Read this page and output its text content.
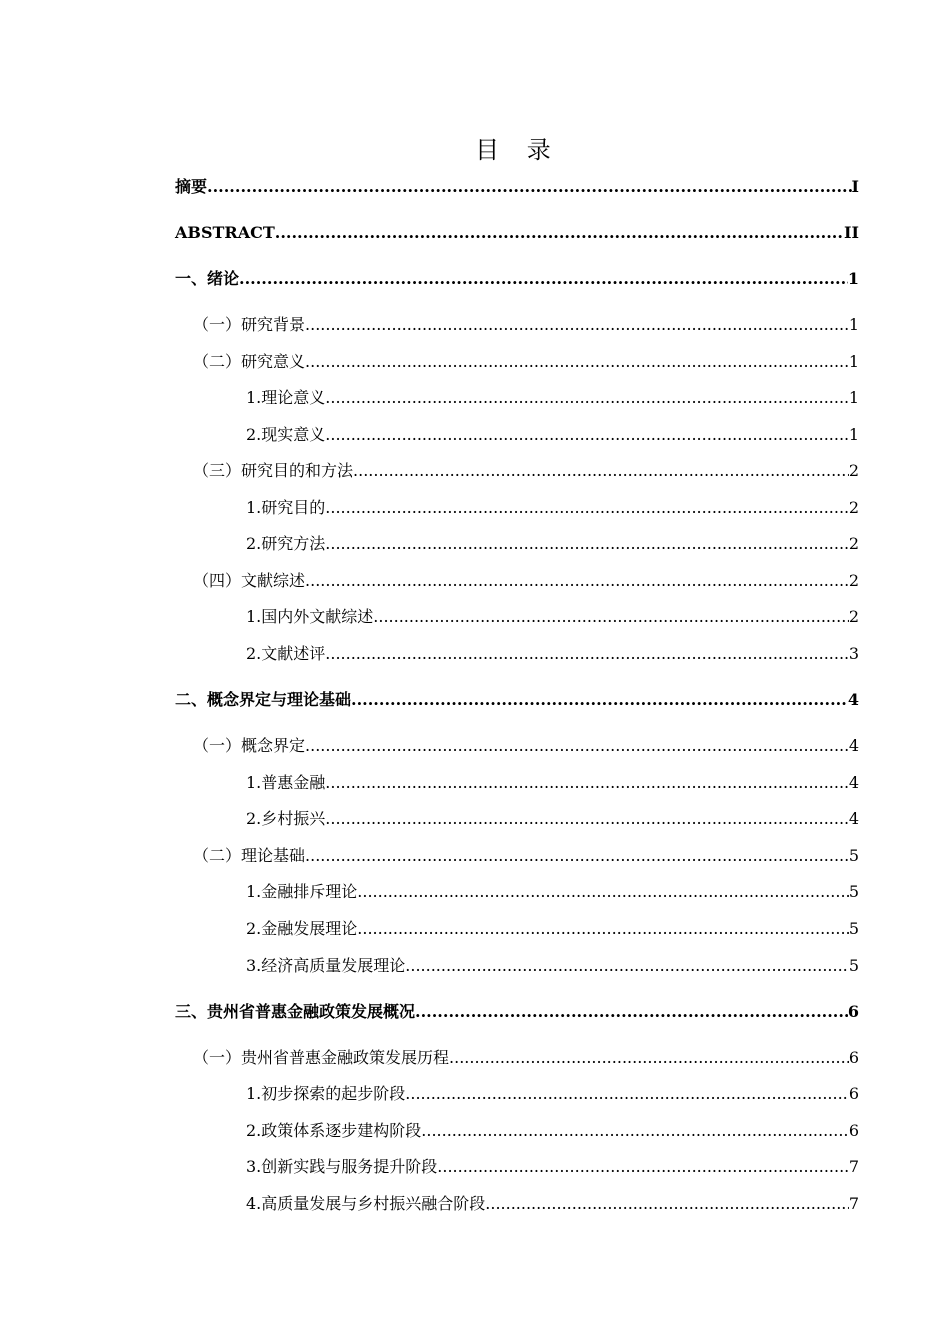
目 录
摘要 .....	I
ABSTRACT .....	II
一、绪论 .....	1
（一）研究背景 .....	1
（二）研究意义 .....	1
1.理论意义 .....	1
2.现实意义 .....	1
（三）研究目的和方法 .....	2
1.研究目的 .....	2
2.研究方法 .....	2
（四）文献综述 .....	2
1.国内外文献综述 .....	2
2.文献述评 .....	3
二、概念界定与理论基础 .....	4
（一）概念界定 .....	4
1.普惠金融 .....	4
2.乡村振兴 .....	4
（二）理论基础 .....	5
1.金融排斥理论 .....	5
2.金融发展理论 .....	5
3.经济高质量发展理论 .....	5
三、贵州省普惠金融政策发展概况 .....	6
（一）贵州省普惠金融政策发展历程 .....	6
1.初步探索的起步阶段 .....	6
2.政策体系逐步建构阶段 .....	6
3.创新实践与服务提升阶段 .....	7
4.高质量发展与乡村振兴融合阶段 .....	7
